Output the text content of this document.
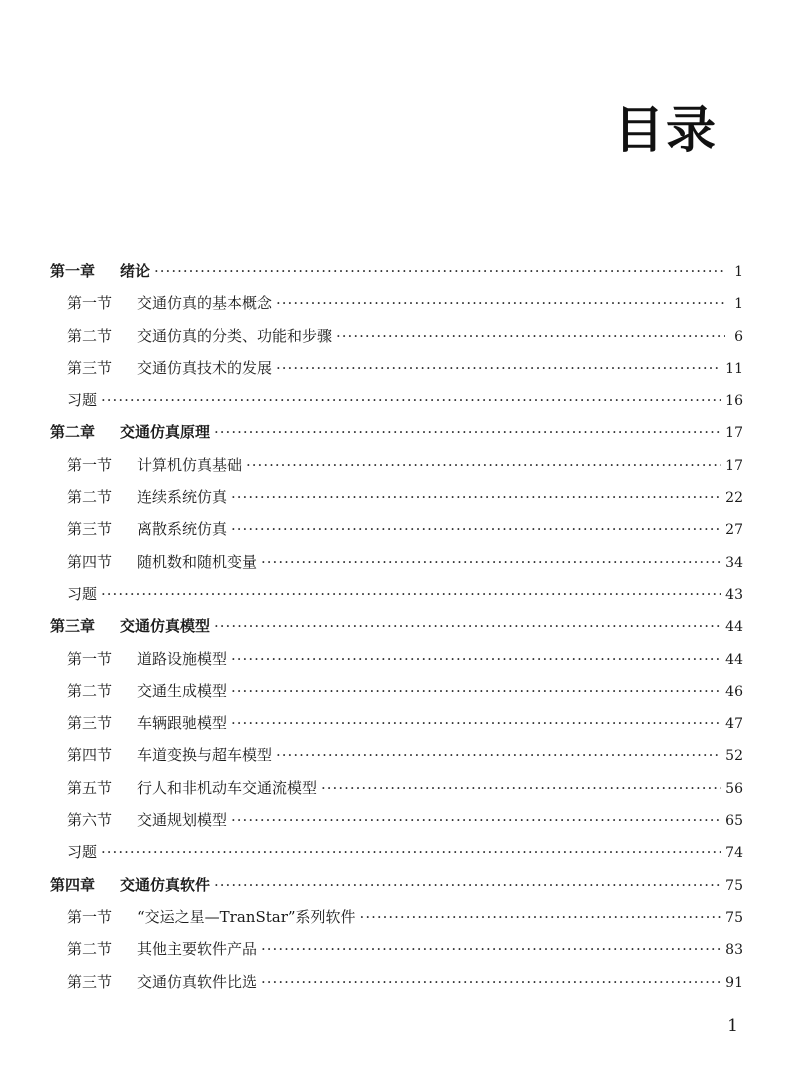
目录
第一章	绪论 ·····	1
第一节	交通仿真的基本概念 ·····	1
第二节	交通仿真的分类、功能和步骤 ·····	6
第三节	交通仿真技术的发展 ·····	11
习题 ·····	16
第二章	交通仿真原理 ·····	17
第一节	计算机仿真基础 ·····	17
第二节	连续系统仿真 ·····	22
第三节	离散系统仿真 ·····	27
第四节	随机数和随机变量 ·····	34
习题 ·····	43
第三章	交通仿真模型 ·····	44
第一节	道路设施模型 ·····	44
第二节	交通生成模型 ·····	46
第三节	车辆跟驰模型 ·····	47
第四节	车道变换与超车模型 ·····	52
第五节	行人和非机动车交通流模型 ·····	56
第六节	交通规划模型 ·····	65
习题 ·····	74
第四章	交通仿真软件 ·····	75
第一节	“交运之星—TranStar”系列软件 ·····	75
第二节	其他主要软件产品 ·····	83
第三节	交通仿真软件比选 ·····	91
1
